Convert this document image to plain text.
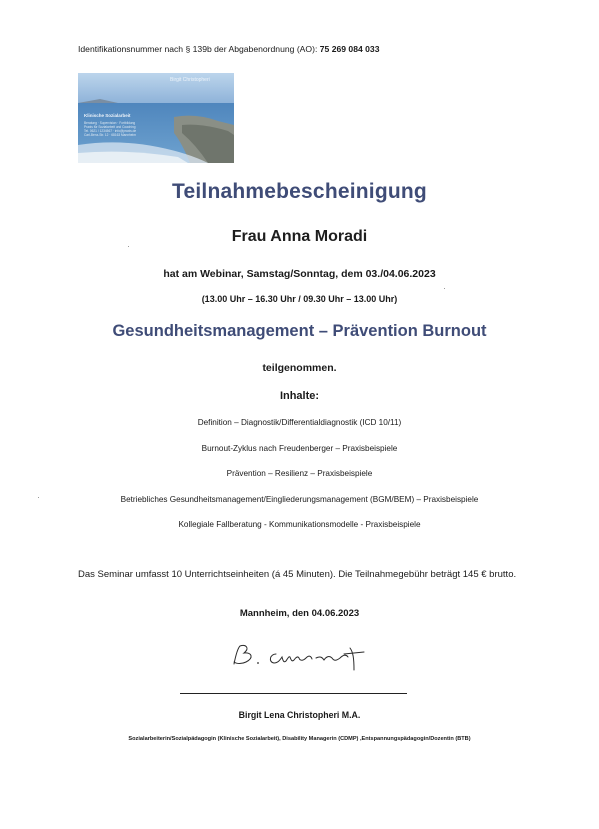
Identifikationsnummer nach § 139b der Abgabenordnung (AO): 75 269 084 033
Birgit Christopheri
Klinische Sozialarbeit
Beratung · Supervision · Fortbildung
Praxis für Sozialarbeit und Coaching
Tel. 0621 / 1234567 · info@praxis.de
Carl-Benz-Str. 12 · 68163 Mannheim
Teilnahmebescheinigung
Frau Anna Moradi
hat am Webinar, Samstag/Sonntag, dem 03./04.06.2023
(13.00 Uhr – 16.30 Uhr / 09.30 Uhr – 13.00 Uhr)
Gesundheitsmanagement – Prävention Burnout
teilgenommen.
Inhalte:
Definition – Diagnostik/Differentialdiagnostik (ICD 10/11)
Burnout-Zyklus nach Freudenberger – Praxisbeispiele
Prävention – Resilienz – Praxisbeispiele
Betriebliches Gesundheitsmanagement/Eingliederungsmanagement (BGM/BEM) – Praxisbeispiele
Kollegiale Fallberatung - Kommunikationsmodelle - Praxisbeispiele
Das Seminar umfasst 10 Unterrichtseinheiten (á 45 Minuten). Die Teilnahmegebühr beträgt 145 € brutto.
Mannheim, den 04.06.2023
Birgit Lena Christopheri M.A.
Sozialarbeiterin/Sozialpädagogin (Klinische Sozialarbeit), Disability Managerin (CDMP) ,Entspannungspädagogin/Dozentin (BTB)
